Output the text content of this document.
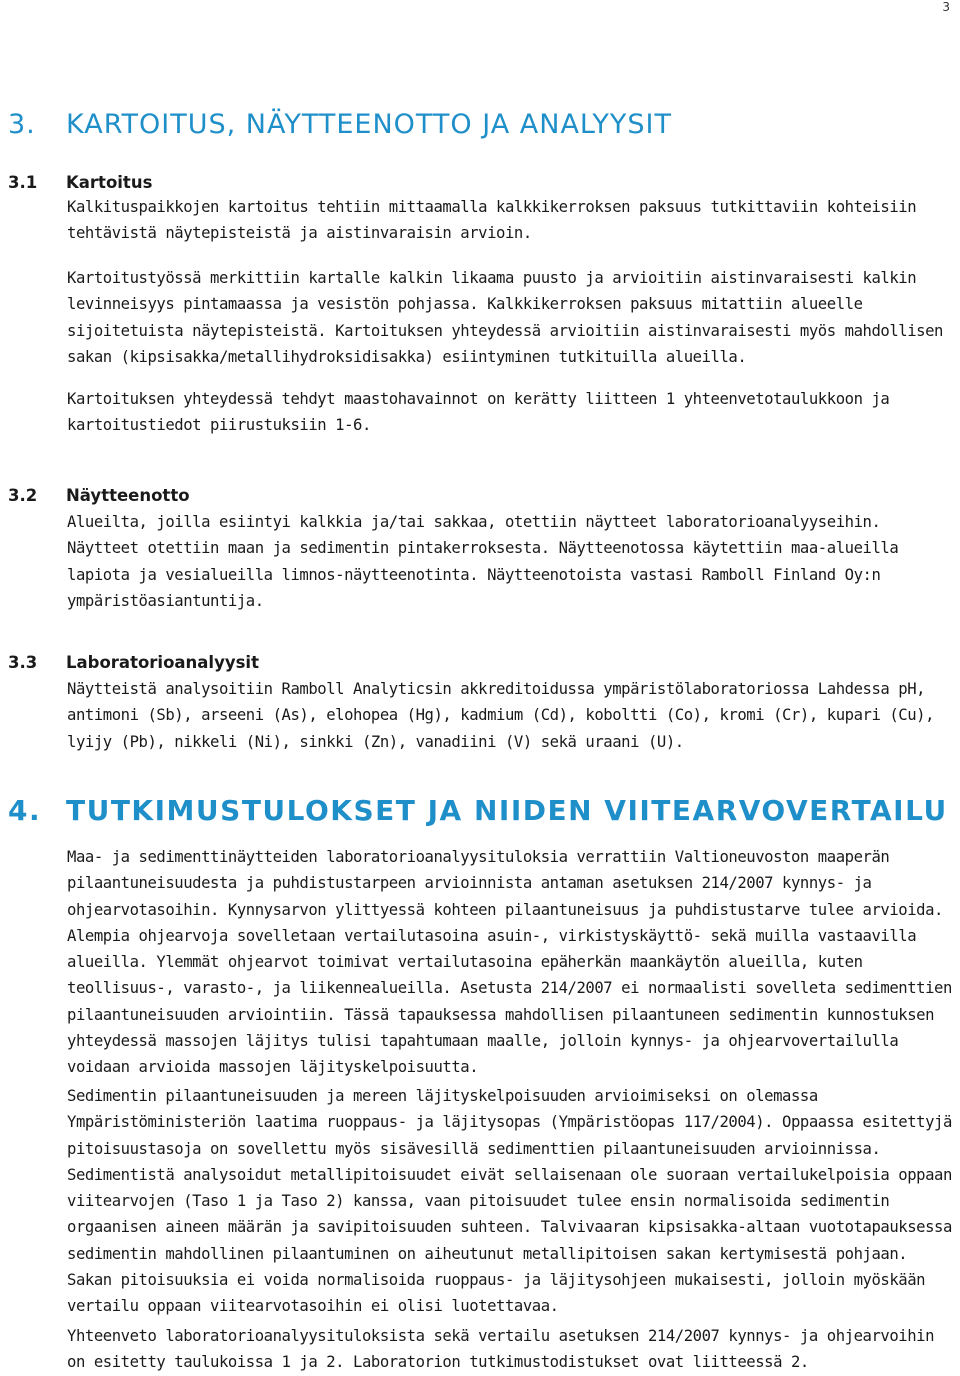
3
3. KARTOITUS, NÄYTTEENOTTO JA ANALYYSIT
3.1 Kartoitus

Kalkituspaikkojen kartoitus tehtiin mittaamalla kalkkikerroksen paksuus tutkittaviin kohteisiin tehtävistä näytepisteistä ja aistinvaraisin arvioin.

Kartoitustyössä merkittiin kartalle kalkin likaama puusto ja arvioitiin aistinvaraisesti kalkin levinneisyys pintamaassa ja vesistön pohjassa. Kalkkikerroksen paksuus mitattiin alueelle sijoitetuista näytepisteistä. Kartoituksen yhteydessä arvioitiin aistinvaraisesti myös mahdollisen sakan (kipsisakka/metallihydroksidisakka) esiintyminen tutkituilla alueilla.

Kartoituksen yhteydessä tehdyt maastohavainnot on kerätty liitteen 1 yhteenvetotaulukkoon ja kartoitustiedot piirustuksiin 1-6.

3.2 Näytteenotto

Alueilta, joilla esiintyi kalkkia ja/tai sakkaa, otettiin näytteet laboratorioanalyyseihin. Näytteet otettiin maan ja sedimentin pintakerroksesta. Näytteenotossa käytettiin maa-alueilla lapiota ja vesialueilla limnos-näytteenotinta. Näytteenotoista vastasi Ramboll Finland Oy:n ympäristöasiantuntija.

3.3 Laboratorioanalyysit

Näytteistä analysoitiin Ramboll Analyticsin akkreditoidussa ympäristölaboratoriossa Lahdessa pH, antimoni (Sb), arseeni (As), elohopea (Hg), kadmium (Cd), koboltti (Co), kromi (Cr), kupari (Cu), lyijy (Pb), nikkeli (Ni), sinkki (Zn), vanadiini (V) sekä uraani (U).

4. TUTKIMUSTULOKSET JA NIIDEN VIITEARVOVERTAILU

Maa- ja sedimenttinäytteiden laboratorioanalyysituloksia verrattiin Valtioneuvoston maaperän pilaantuneisuudesta ja puhdistustarpeen arvioinnista antaman asetuksen 214/2007 kynnys- ja ohjearvotasoihin. Kynnysarvon ylittyessä kohteen pilaantuneisuus ja puhdistustarve tulee arvioida. Alempia ohjearvoja sovelletaan vertailutasoina asuin-, virkistyskäyttö- sekä muilla vastaavilla alueilla. Ylemmät ohjearvot toimivat vertailutasoina epäherkän maankäytön alueilla, kuten teollisuus-, varasto-, ja liikennealueilla. Asetusta 214/2007 ei normaalisti sovelleta sedimenttien pilaantuneisuuden arviointiin. Tässä tapauksessa mahdollisen pilaantuneen sedimentin kunnostuksen yhteydessä massojen läjitys tulisi tapahtumaan maalle, jolloin kynnys- ja ohjearvovertailulla voidaan arvioida massojen läjityskelpoisuutta.

Sedimentin pilaantuneisuuden ja mereen läjityskelpoisuuden arvioimiseksi on olemassa Ympäristöministeriön laatima ruoppaus- ja läjitysopas (Ympäristöopas 117/2004). Oppaassa esitettyjä pitoisuustasoja on sovellettu myös sisävesillä sedimenttien pilaantuneisuuden arvioinnissa. Sedimentistä analysoidut metallipitoisuudet eivät sellaisenaan ole suoraan vertailukelpoisia oppaan viitearvojen (Taso 1 ja Taso 2) kanssa, vaan pitoisuudet tulee ensin normalisoida sedimentin orgaanisen aineen määrän ja savipitoisuuden suhteen. Talvivaaran kipsisakka-altaan vuototapauksessa sedimentin mahdollinen pilaantuminen on aiheutunut metallipitoisen sakan kertymisestä pohjaan. Sakan pitoisuuksia ei voida normalisoida ruoppaus- ja läjitysohjeen mukaisesti, jolloin myöskään vertailu oppaan viitearvotasoihin ei olisi luotettavaa.

Yhteenveto laboratorioanalyysituloksista sekä vertailu asetuksen 214/2007 kynnys- ja ohjearvoihin on esitetty taulukoissa 1 ja 2. Laboratorion tutkimustodistukset ovat liitteessä 2.
